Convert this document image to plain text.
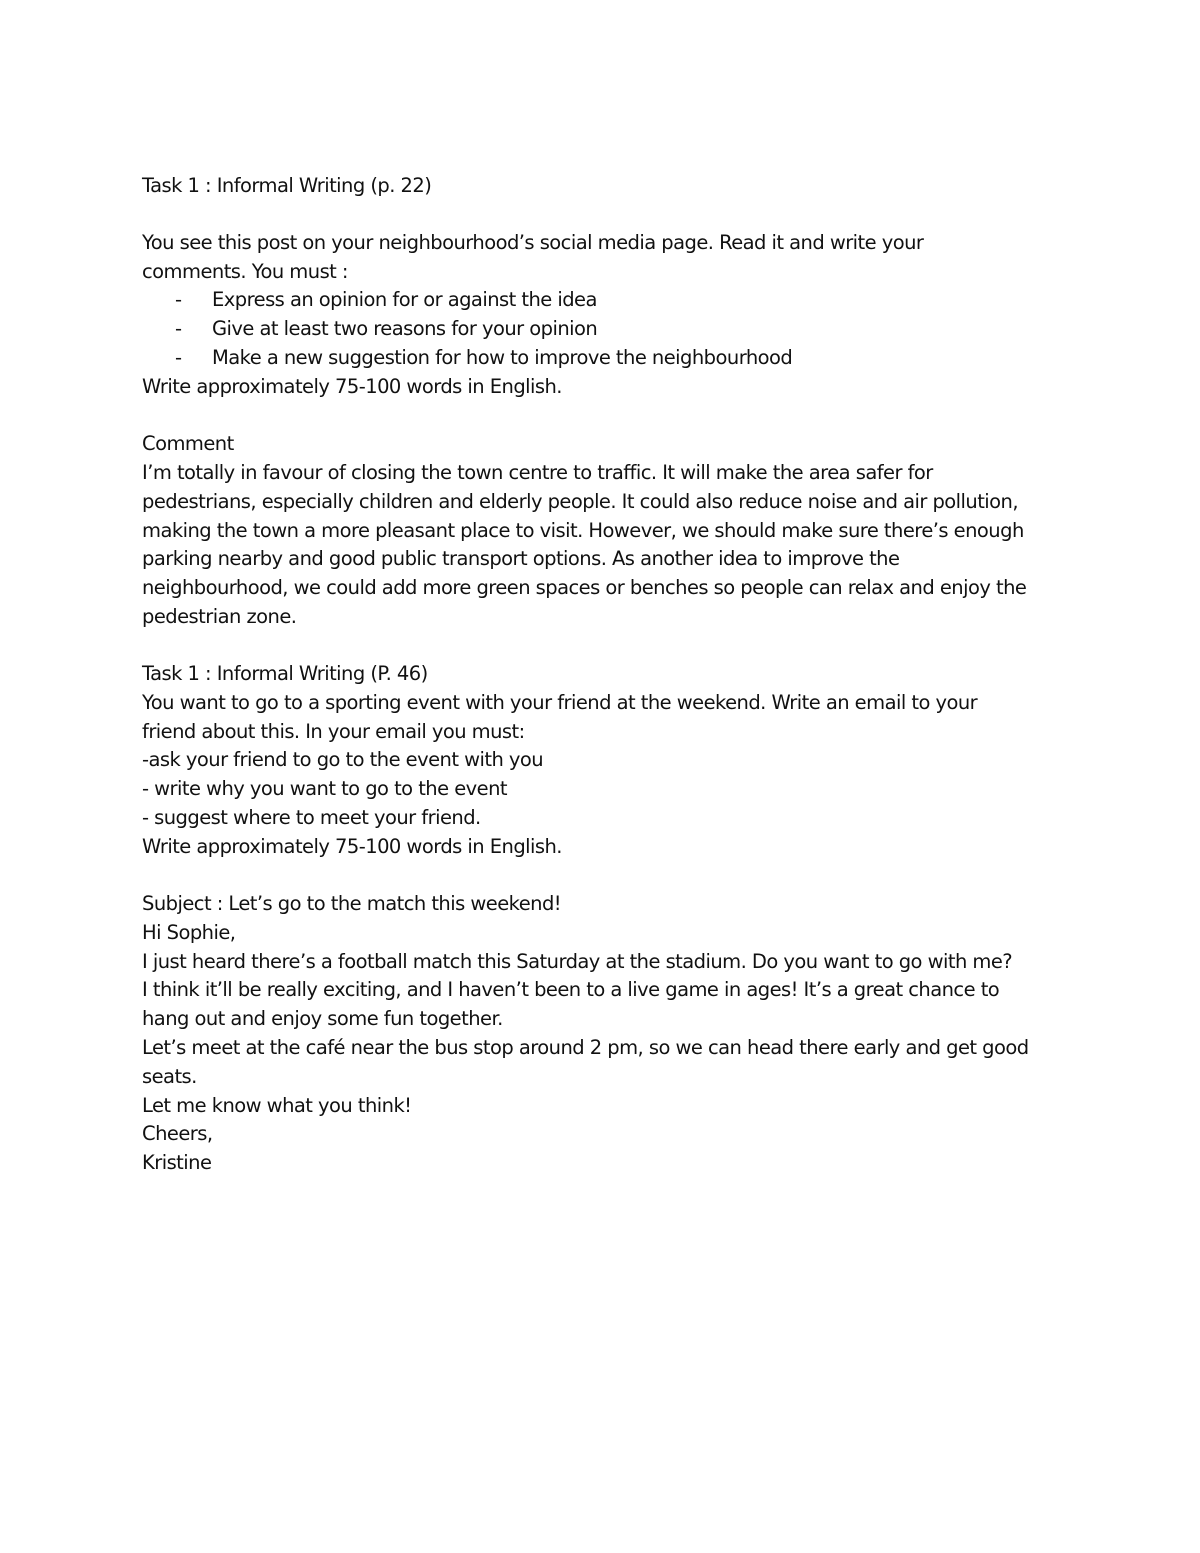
Task 1 : Informal Writing (p. 22)
You see this post on your neighbourhood’s social media page. Read it and write your
comments. You must :
- Express an opinion for or against the idea
- Give at least two reasons for your opinion
- Make a new suggestion for how to improve the neighbourhood
Write approximately 75-100 words in English.
Comment
I’m totally in favour of closing the town centre to traffic. It will make the area safer for
pedestrians, especially children and elderly people. It could also reduce noise and air pollution,
making the town a more pleasant place to visit. However, we should make sure there’s enough
parking nearby and good public transport options. As another idea to improve the
neighbourhood, we could add more green spaces or benches so people can relax and enjoy the
pedestrian zone.
Task 1 : Informal Writing (P. 46)
You want to go to a sporting event with your friend at the weekend. Write an email to your
friend about this. In your email you must:
-ask your friend to go to the event with you
- write why you want to go to the event
- suggest where to meet your friend.
Write approximately 75-100 words in English.
Subject : Let’s go to the match this weekend!
Hi Sophie,
I just heard there’s a football match this Saturday at the stadium. Do you want to go with me?
I think it’ll be really exciting, and I haven’t been to a live game in ages! It’s a great chance to
hang out and enjoy some fun together.
Let’s meet at the café near the bus stop around 2 pm, so we can head there early and get good
seats.
Let me know what you think!
Cheers,
Kristine
